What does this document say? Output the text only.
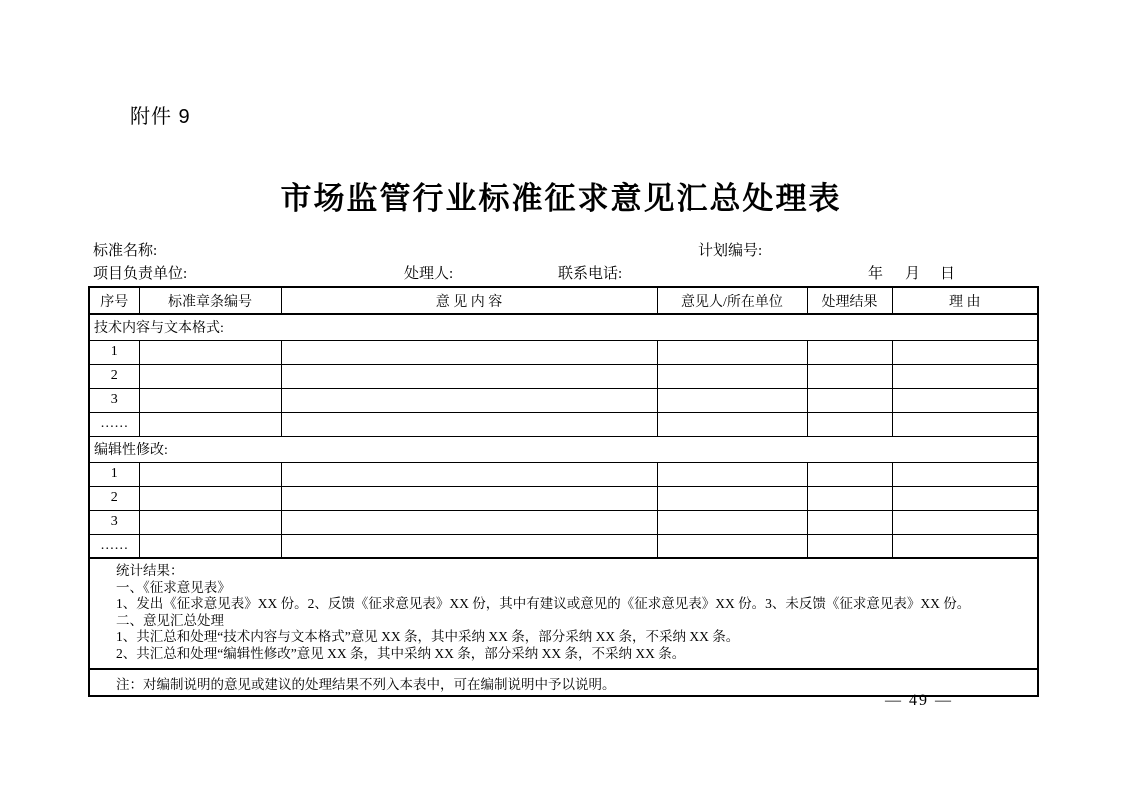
附件 9
市场监管行业标准征求意见汇总处理表
标准名称:	计划编号:
项目负责单位:	处理人:	联系电话:	年 月 日
序号	标准章条编号	意 见 内 容	意见人/所在单位	处理结果	理 由
技术内容与文本格式:					
1					
2					
3					
……					
编辑性修改:					
1					
2					
3					
……					

统计结果：
一、《征求意见表》
1、发出《征求意见表》XX 份。2、反馈《征求意见表》XX 份，其中有建议或意见的《征求意见表》XX 份。3、未反馈《征求意见表》XX 份。
二、意见汇总处理
1、共汇总和处理“技术内容与文本格式”意见 XX 条，其中采纳 XX 条，部分采纳 XX 条，不采纳 XX 条。
2、共汇总和处理“编辑性修改”意见 XX 条，其中采纳 XX 条，部分采纳 XX 条，不采纳 XX 条。

注：对编制说明的意见或建议的处理结果不列入本表中，可在编制说明中予以说明。					
— 49 —
